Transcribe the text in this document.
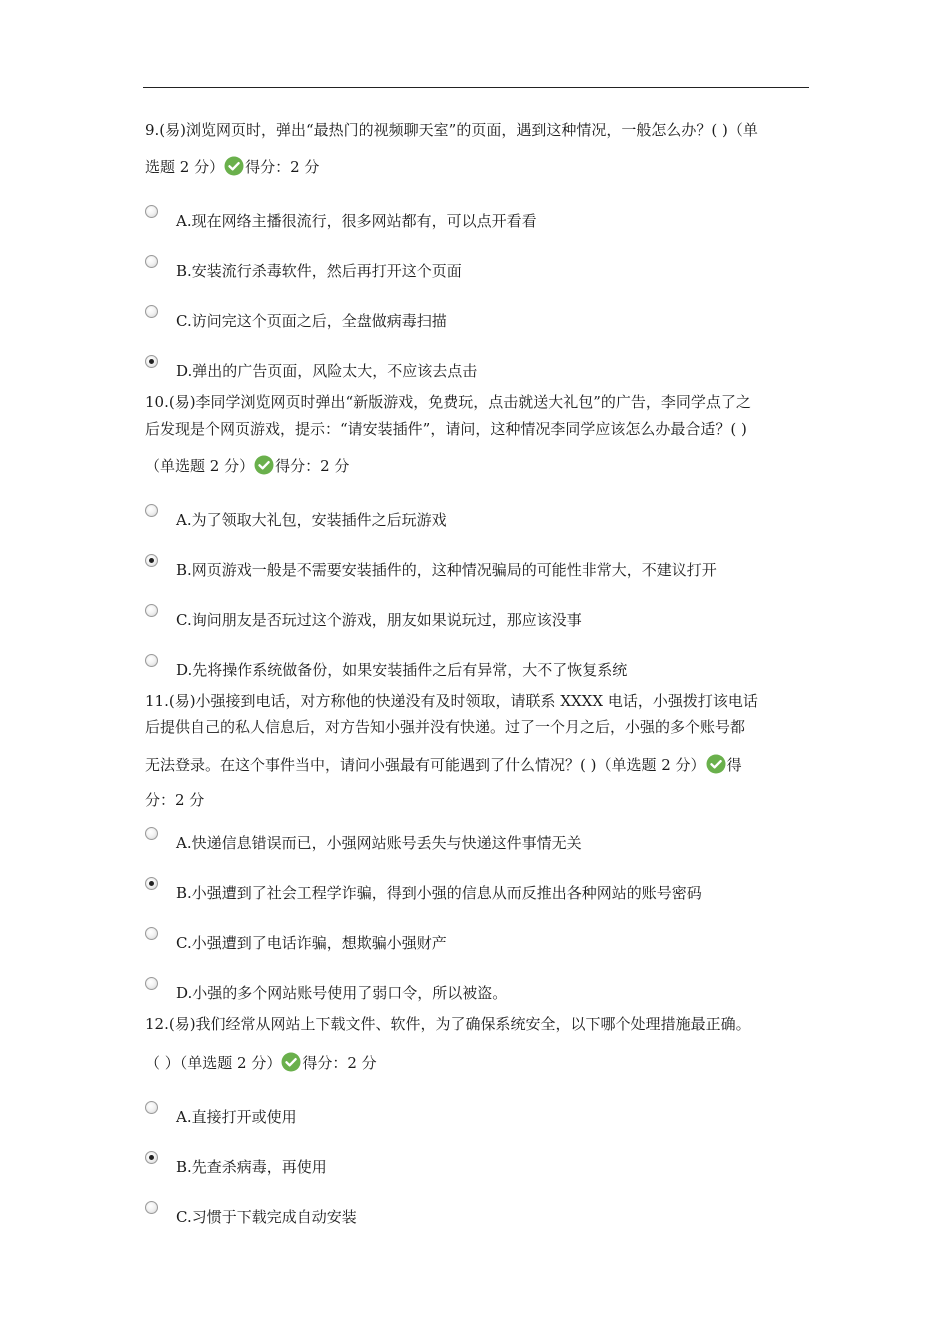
9.(易)浏览网页时，弹出“最热门的视频聊天室”的页面，遇到这种情况，一般怎么办？( )（单
选题 2 分） 得分：2 分
A.现在网络主播很流行，很多网站都有，可以点开看看
B.安装流行杀毒软件，然后再打开这个页面
C.访问完这个页面之后，全盘做病毒扫描
D.弹出的广告页面，风险太大，不应该去点击
10.(易)李同学浏览网页时弹出“新版游戏，免费玩，点击就送大礼包”的广告，李同学点了之
后发现是个网页游戏，提示：“请安装插件”，请问，这种情况李同学应该怎么办最合适？( )
（单选题 2 分） 得分：2 分
A.为了领取大礼包，安装插件之后玩游戏
B.网页游戏一般是不需要安装插件的，这种情况骗局的可能性非常大，不建议打开
C.询问朋友是否玩过这个游戏，朋友如果说玩过，那应该没事
D.先将操作系统做备份，如果安装插件之后有异常，大不了恢复系统
11.(易)小强接到电话，对方称他的快递没有及时领取，请联系 XXXX 电话，小强拨打该电话
后提供自己的私人信息后，对方告知小强并没有快递。过了一个月之后，小强的多个账号都
无法登录。在这个事件当中，请问小强最有可能遇到了什么情况？( )（单选题 2 分） 得
分：2 分
A.快递信息错误而已，小强网站账号丢失与快递这件事情无关
B.小强遭到了社会工程学诈骗，得到小强的信息从而反推出各种网站的账号密码
C.小强遭到了电话诈骗，想欺骗小强财产
D.小强的多个网站账号使用了弱口令，所以被盗。
12.(易)我们经常从网站上下载文件、软件，为了确保系统安全，以下哪个处理措施最正确。
（ ）（单选题 2 分） 得分：2 分
A.直接打开或使用
B.先查杀病毒，再使用
C.习惯于下载完成自动安装
